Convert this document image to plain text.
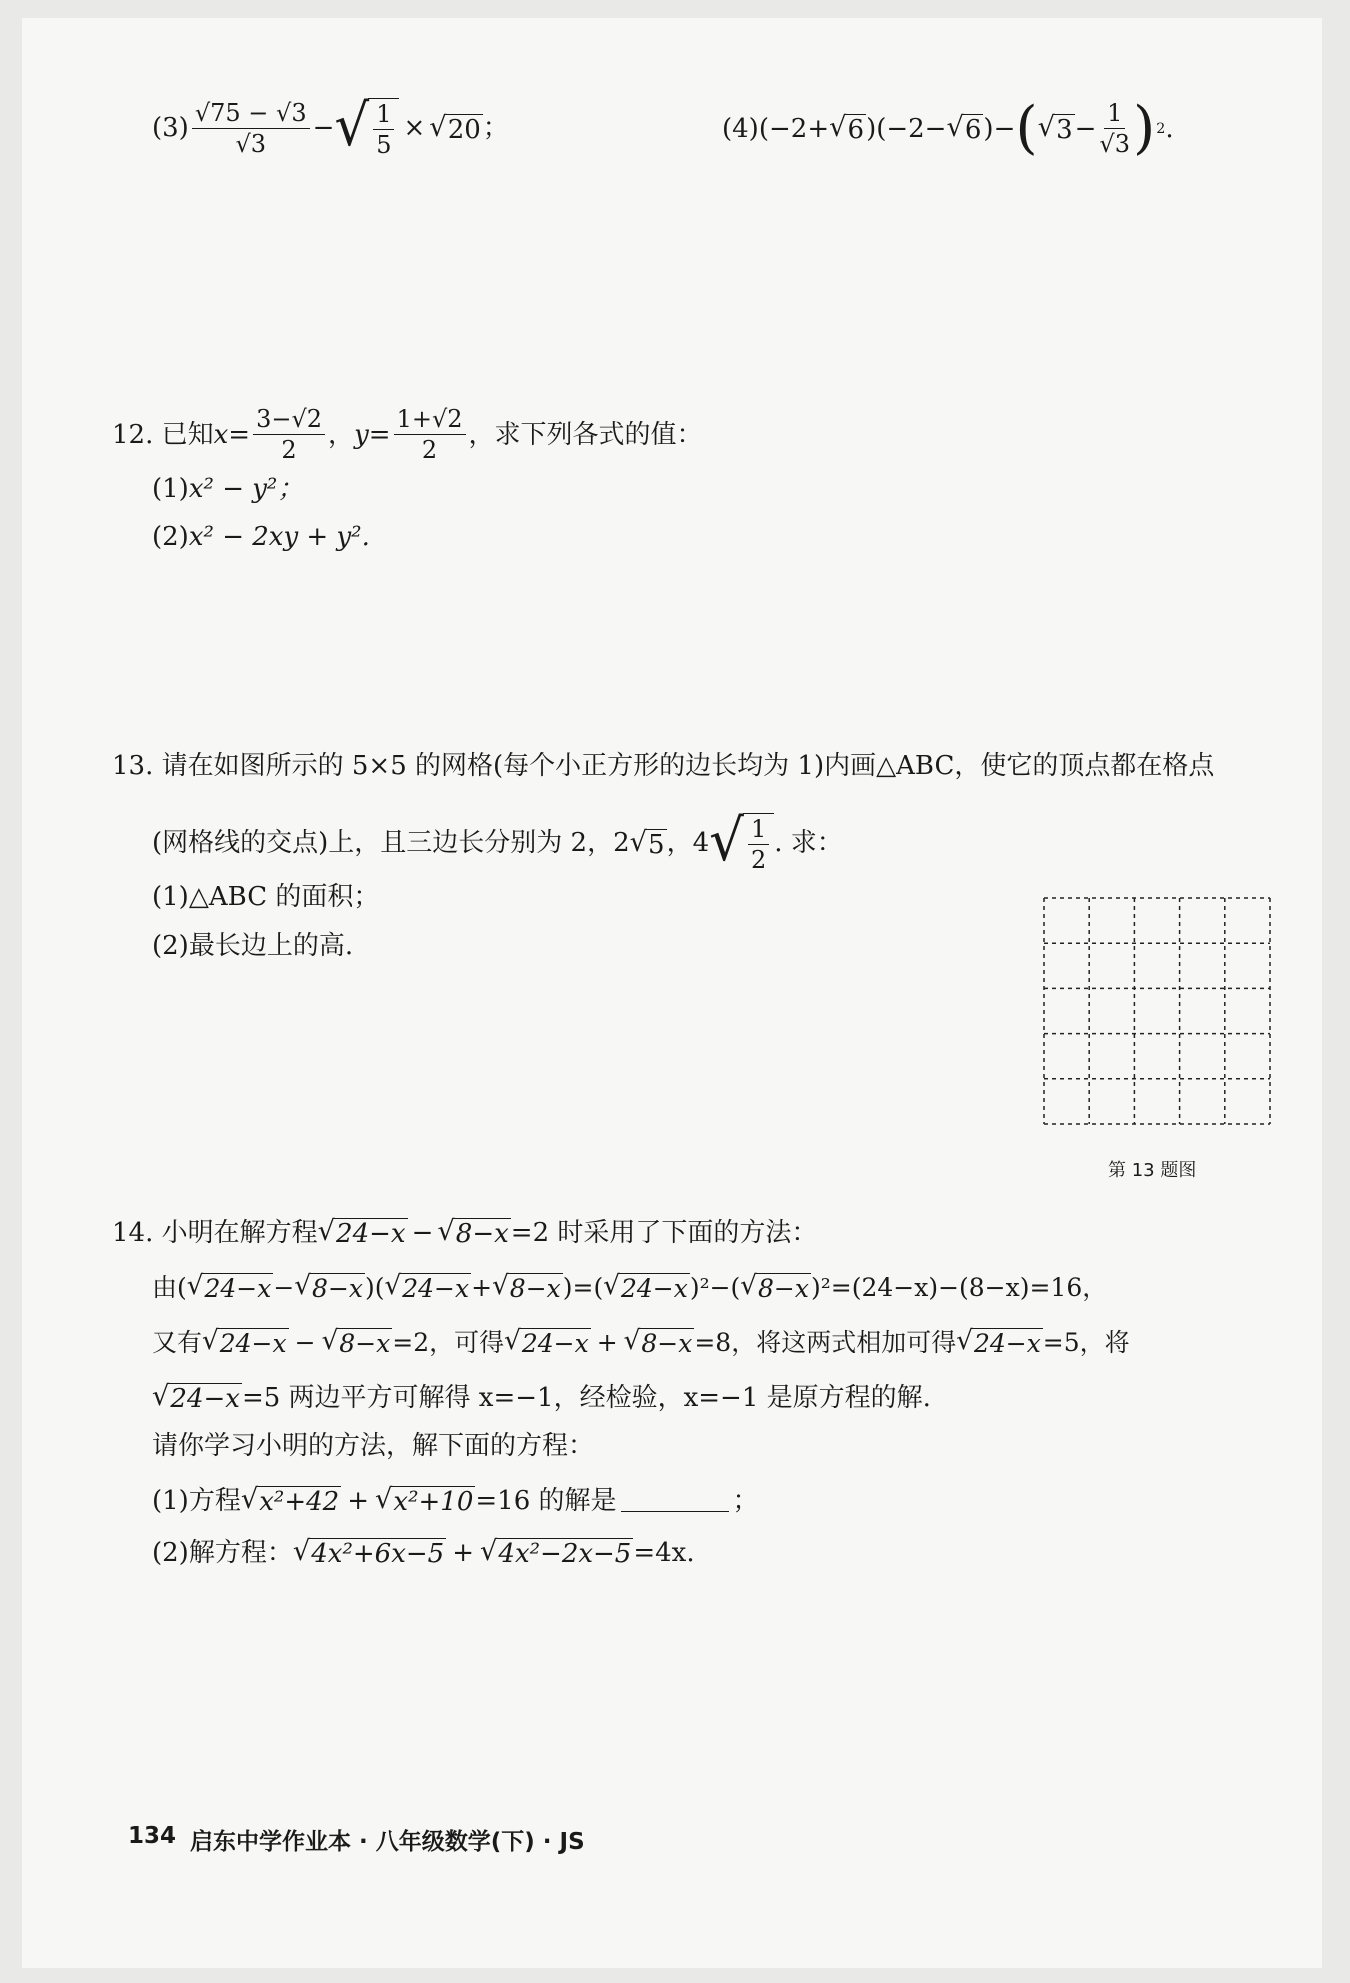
$(3) \frac{√75 - √3}{√3}$ − √ $\frac{1}{5}$ × √ 20 ；	(4) (−2+ √ 6 )(−2− √ 6 )− ( √ $3 - \frac{1}{√3}$ ) 2 .
12. 已知 $x = \frac{3-√2}{2}$ ， $y = \frac{1+√2}{2}$ ，求下列各式的值：
(1) x² − y²；
(2) x² − 2xy + y².
13. 请在如图所示的 5×5 的网格(每个小正方形的边长均为 1)内画△ABC，使它的顶点都在格点
(网格线的交点)上，且三边长分别为 2，2 √ 5 ，4 √ $\frac{1}{2}$ . 求：
(1)△ABC 的面积；
(2)最长边上的高.
第 13 题图
14. 小明在解方程 √ 24−x − √ 8−x =2 时采用了下面的方法：
由( √ 24−x − √ 8−x )( √ 24−x + √ 8−x )=( √ 24−x )²−( √ 8−x )²=(24−x)−(8−x)=16，
又有 √ 24−x − √ 8−x =2，可得 √ 24−x + √ 8−x =8，将这两式相加可得 √ 24−x =5，将
√ 24−x =5 两边平方可解得 x=−1，经检验，x=−1 是原方程的解.
请你学习小明的方法，解下面的方程：
(1)方程 √ x²+42 + √ x²+10 =16 的解是	；
(2)解方程： √ 4x²+6x−5 + √ 4x²−2x−5 =4x.
134 启东中学作业本 · 八年级数学(下) · JS
